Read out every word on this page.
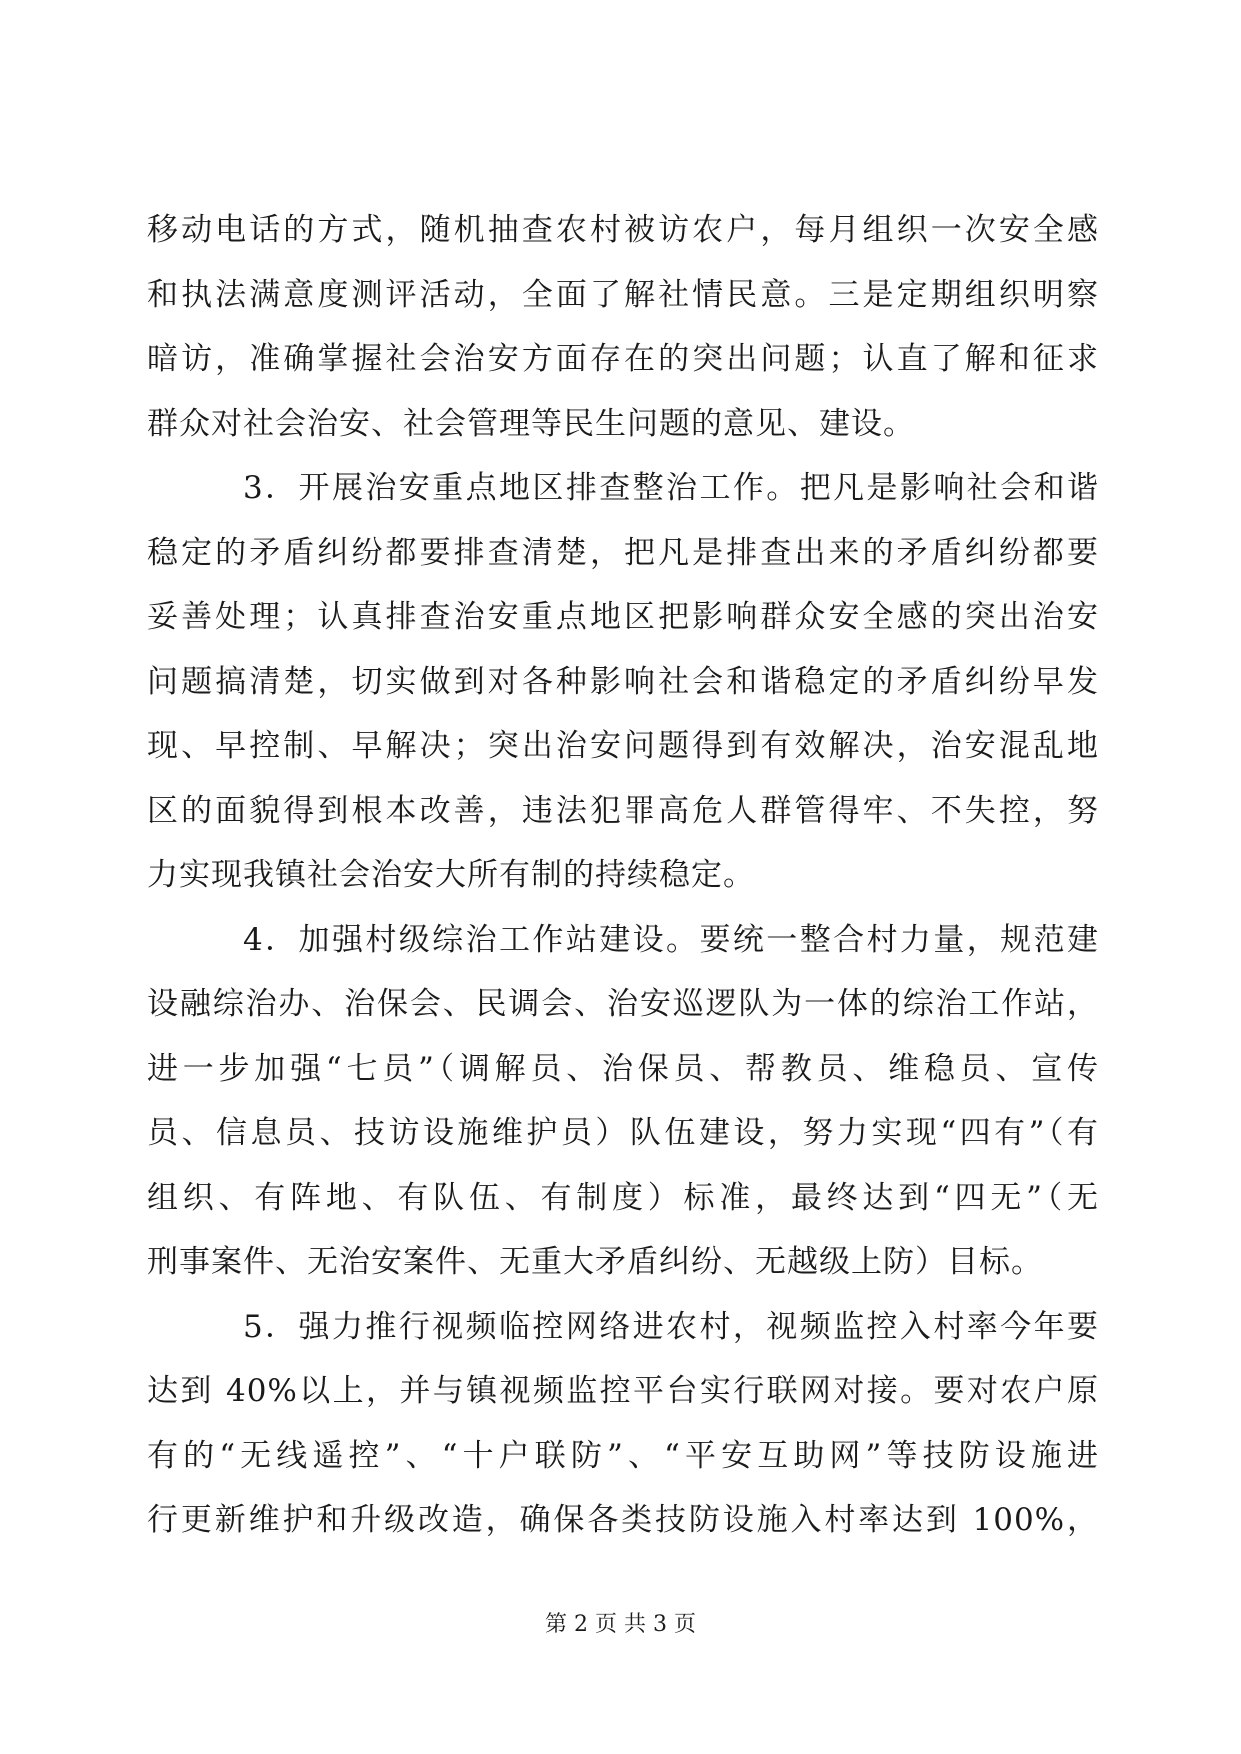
移动电话的方式，随机抽查农村被访农户，每月组织一次安全感
和执法满意度测评活动，全面了解社情民意。三是定期组织明察
暗访，准确掌握社会治安方面存在的突出问题；认直了解和征求
群众对社会治安、社会管理等民生问题的意见、建设。
3．开展治安重点地区排查整治工作。把凡是影响社会和谐
稳定的矛盾纠纷都要排查清楚，把凡是排查出来的矛盾纠纷都要
妥善处理；认真排查治安重点地区把影响群众安全感的突出治安
问题搞清楚，切实做到对各种影响社会和谐稳定的矛盾纠纷早发
现、早控制、早解决；突出治安问题得到有效解决，治安混乱地
区的面貌得到根本改善，违法犯罪高危人群管得牢、不失控，努
力实现我镇社会治安大所有制的持续稳定。
4．加强村级综治工作站建设。要统一整合村力量，规范建
设融综治办、治保会、民调会、治安巡逻队为一体的综治工作站，
进一步加强“七员”（调解员、治保员、帮教员、维稳员、宣传
员、信息员、技访设施维护员）队伍建设，努力实现“四有”（有
组织、有阵地、有队伍、有制度）标准，最终达到“四无”（无
刑事案件、无治安案件、无重大矛盾纠纷、无越级上防）目标。
5．强力推行视频临控网络进农村，视频监控入村率今年要
达到 40%以上，并与镇视频监控平台实行联网对接。要对农户原
有的“无线遥控”、“十户联防”、“平安互助网”等技防设施进
行更新维护和升级改造，确保各类技防设施入村率达到 100%，
第 2 页 共 3 页
